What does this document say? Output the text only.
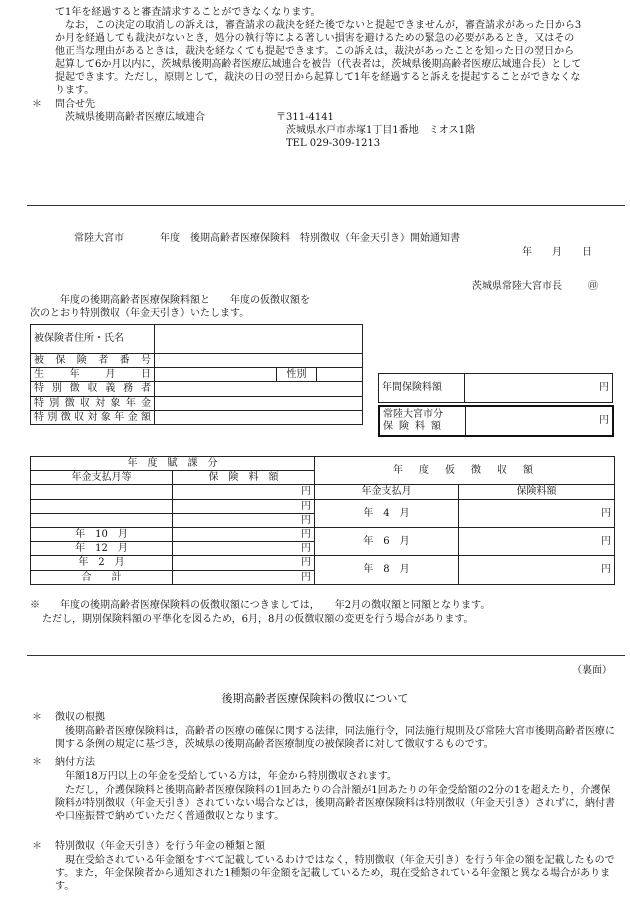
て1年を経過すると審査請求することができなくなります。

なお，この決定の取消しの訴えは，審査請求の裁決を経た後でないと提起できませんが，審査請求があった日から3

か月を経過しても裁決がないとき，処分の執行等による著しい損害を避けるための緊急の必要があるとき，又はその

他正当な理由があるときは，裁決を経なくても提起できます。この訴えは，裁決があったことを知った日の翌日から

起算して6か月以内に，茨城県後期高齢者医療広域連合を被告（代表者は，茨城県後期高齢者医療広域連合長）として

提起できます。ただし，原則として，裁決の日の翌日から起算して1年を経過すると訴えを提起することができなくな

ります。

＊ 問合せ先
茨城県後期高齢者医療広域連合	〒311-4141
茨城県水戸市赤塚1丁目1番地　ミオス1階
TEL 029-309-1213
常陸大宮市	年度　後期高齢者医療保険料　特別徴収（年金天引き）開始通知書
年　　月　　日
茨城県常陸大宮市長	㊞
年度の後期高齢者医療保険料額と　　年度の仮徴収額を
次のとおり特別徴収（年金天引き）いたします。
被保険者住所・氏名			
被保険者番号			
生年月日		性別	
特別徴収義務者			
特別徴収対象年金			
特別徴収対象年金額			
年間保険料額	円
常陸大宮市分
保険料額	円
年　度　賦　課　分		年　度　仮　徴　収　額	
年金支払月等	保　険　料　額		
	円	年金支払月	保険料額
	円	年　4　月	円
	円		
年　10　月	円	年　6　月	円
年　12　月	円		
年　2　月	円	年　8　月	円
合　　計	円		
※　　年度の後期高齢者医療保険料の仮徴収額につきましては，　　年2月の徴収額と同額となります。
ただし，期別保険料額の平準化を図るため，6月，8月の仮徴収額の変更を行う場合があります。
（裏面）
後期高齢者医療保険料の徴収について
＊ 徴収の根拠

後期高齢者医療保険料は，高齢者の医療の確保に関する法律，同法施行令，同法施行規則及び常陸大宮市後期高齢者医療に関する条例の規定に基づき，茨城県の後期高齢者医療制度の被保険者に対して徴収するものです。

＊ 納付方法

年額18万円以上の年金を受給している方は，年金から特別徴収されます。

ただし，介護保険料と後期高齢者医療保険料の1回あたりの合計額が1回あたりの年金受給額の2分の1を超えたり，介護保険料が特別徴収（年金天引き）されていない場合などは，後期高齢者医療保険料は特別徴収（年金天引き）されずに，納付書や口座振替で納めていただく普通徴収となります。

＊ 特別徴収（年金天引き）を行う年金の種類と額

現在受給されている年金額をすべて記載しているわけではなく，特別徴収（年金天引き）を行う年金の額を記載したものです。また，年金保険者から通知された1種類の年金額を記載しているため，現在受給されている年金額と異なる場合があります。
